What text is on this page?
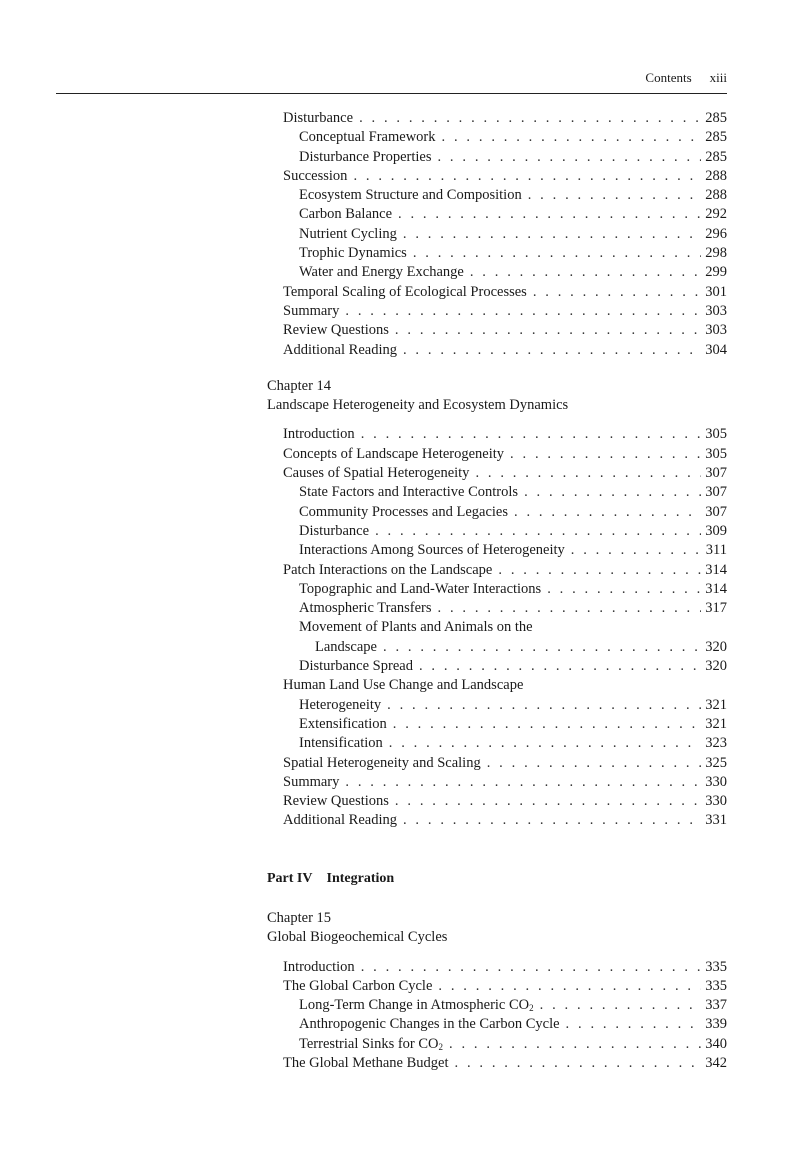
Contents xiii
Disturbance . . .	285
Conceptual Framework . . .	285
Disturbance Properties . . .	285
Succession . . .	288
Ecosystem Structure and Composition . . .	288
Carbon Balance . . .	292
Nutrient Cycling . . .	296
Trophic Dynamics . . .	298
Water and Energy Exchange . . .	299
Temporal Scaling of Ecological Processes . . .	301
Summary . . .	303
Review Questions . . .	303
Additional Reading . . .	304
Chapter 14
Landscape Heterogeneity and Ecosystem Dynamics
Introduction . . .	305
Concepts of Landscape Heterogeneity . . .	305
Causes of Spatial Heterogeneity . . .	307
State Factors and Interactive Controls . . .	307
Community Processes and Legacies . . .	307
Disturbance . . .	309
Interactions Among Sources of Heterogeneity . . .	311
Patch Interactions on the Landscape . . .	314
Topographic and Land-Water Interactions . . .	314
Atmospheric Transfers . . .	317
Movement of Plants and Animals on the
Landscape . . .	320
Disturbance Spread . . .	320
Human Land Use Change and Landscape
Heterogeneity . . .	321
Extensification . . .	321
Intensification . . .	323
Spatial Heterogeneity and Scaling . . .	325
Summary . . .	330
Review Questions . . .	330
Additional Reading . . .	331
Part IV Integration
Chapter 15
Global Biogeochemical Cycles
Introduction . . .	335
The Global Carbon Cycle . . .	335
Long-Term Change in Atmospheric $CO_2$ . . .	337
Anthropogenic Changes in the Carbon Cycle . . .	339
Terrestrial Sinks for $CO_2$ . . .	340
The Global Methane Budget . . .	342
